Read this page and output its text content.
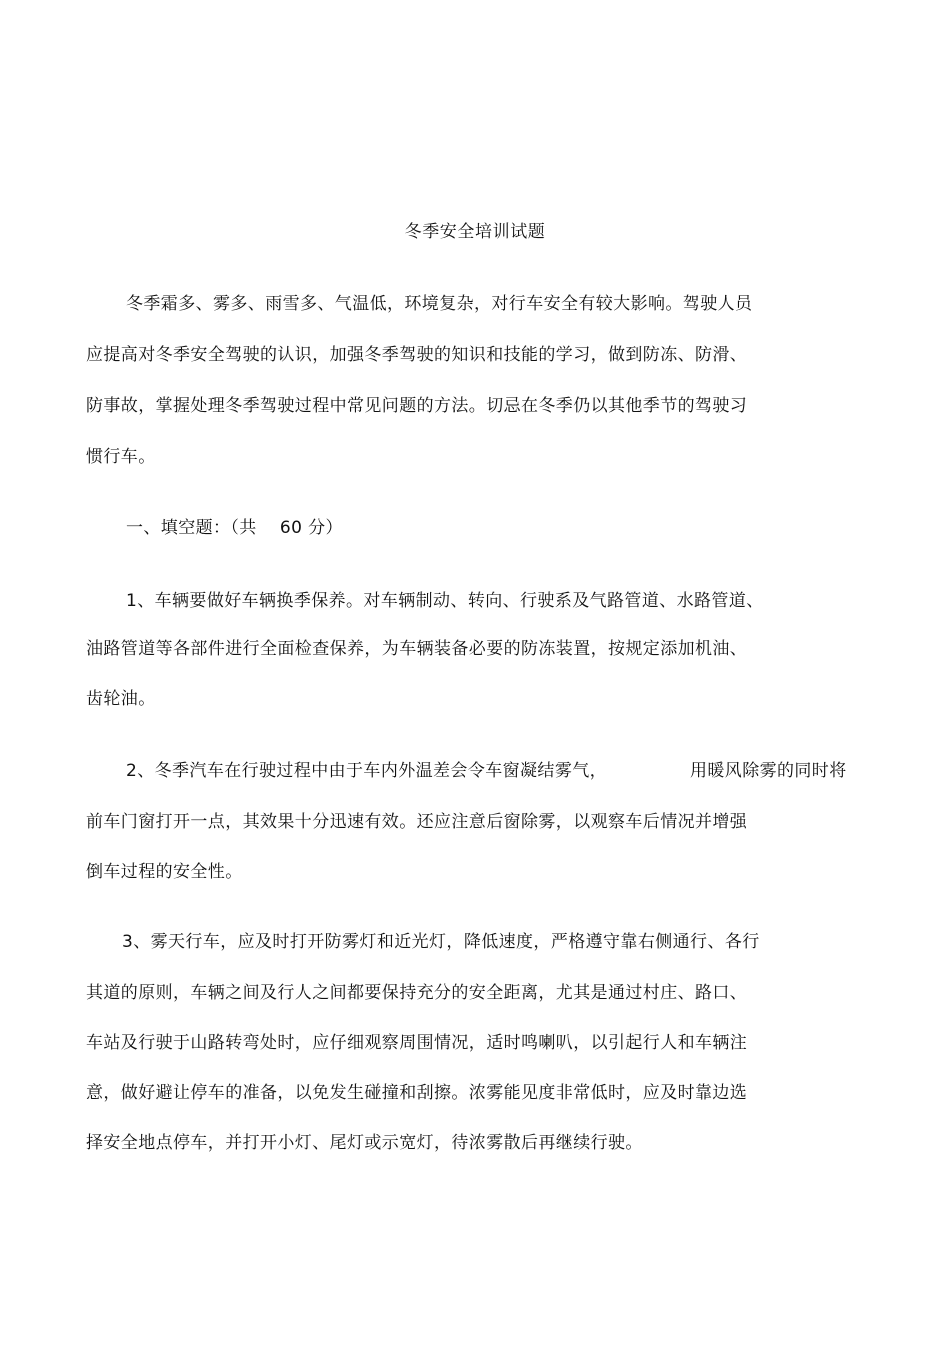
冬季安全培训试题
冬季霜多、雾多、雨雪多、气温低，环境复杂，对行车安全有较大影响。驾驶人员
应提高对冬季安全驾驶的认识，加强冬季驾驶的知识和技能的学习，做到防冻、防滑、
防事故，掌握处理冬季驾驶过程中常见问题的方法。切忌在冬季仍以其他季节的驾驶习
惯行车。
一、填空题：（共    60 分）
1、车辆要做好车辆换季保养。对车辆制动、转向、行驶系及气路管道、水路管道、
油路管道等各部件进行全面检查保养，为车辆装备必要的防冻装置，按规定添加机油、
齿轮油。
2、冬季汽车在行驶过程中由于车内外温差会令车窗凝结雾气，	用暖风除雾的同时将
前车门窗打开一点，其效果十分迅速有效。还应注意后窗除雾，以观察车后情况并增强
倒车过程的安全性。
3、雾天行车，应及时打开防雾灯和近光灯，降低速度，严格遵守靠右侧通行、各行
其道的原则，车辆之间及行人之间都要保持充分的安全距离，尤其是通过村庄、路口、
车站及行驶于山路转弯处时，应仔细观察周围情况，适时鸣喇叭，以引起行人和车辆注
意，做好避让停车的准备，以免发生碰撞和刮擦。浓雾能见度非常低时，应及时靠边选
择安全地点停车，并打开小灯、尾灯或示宽灯，待浓雾散后再继续行驶。
